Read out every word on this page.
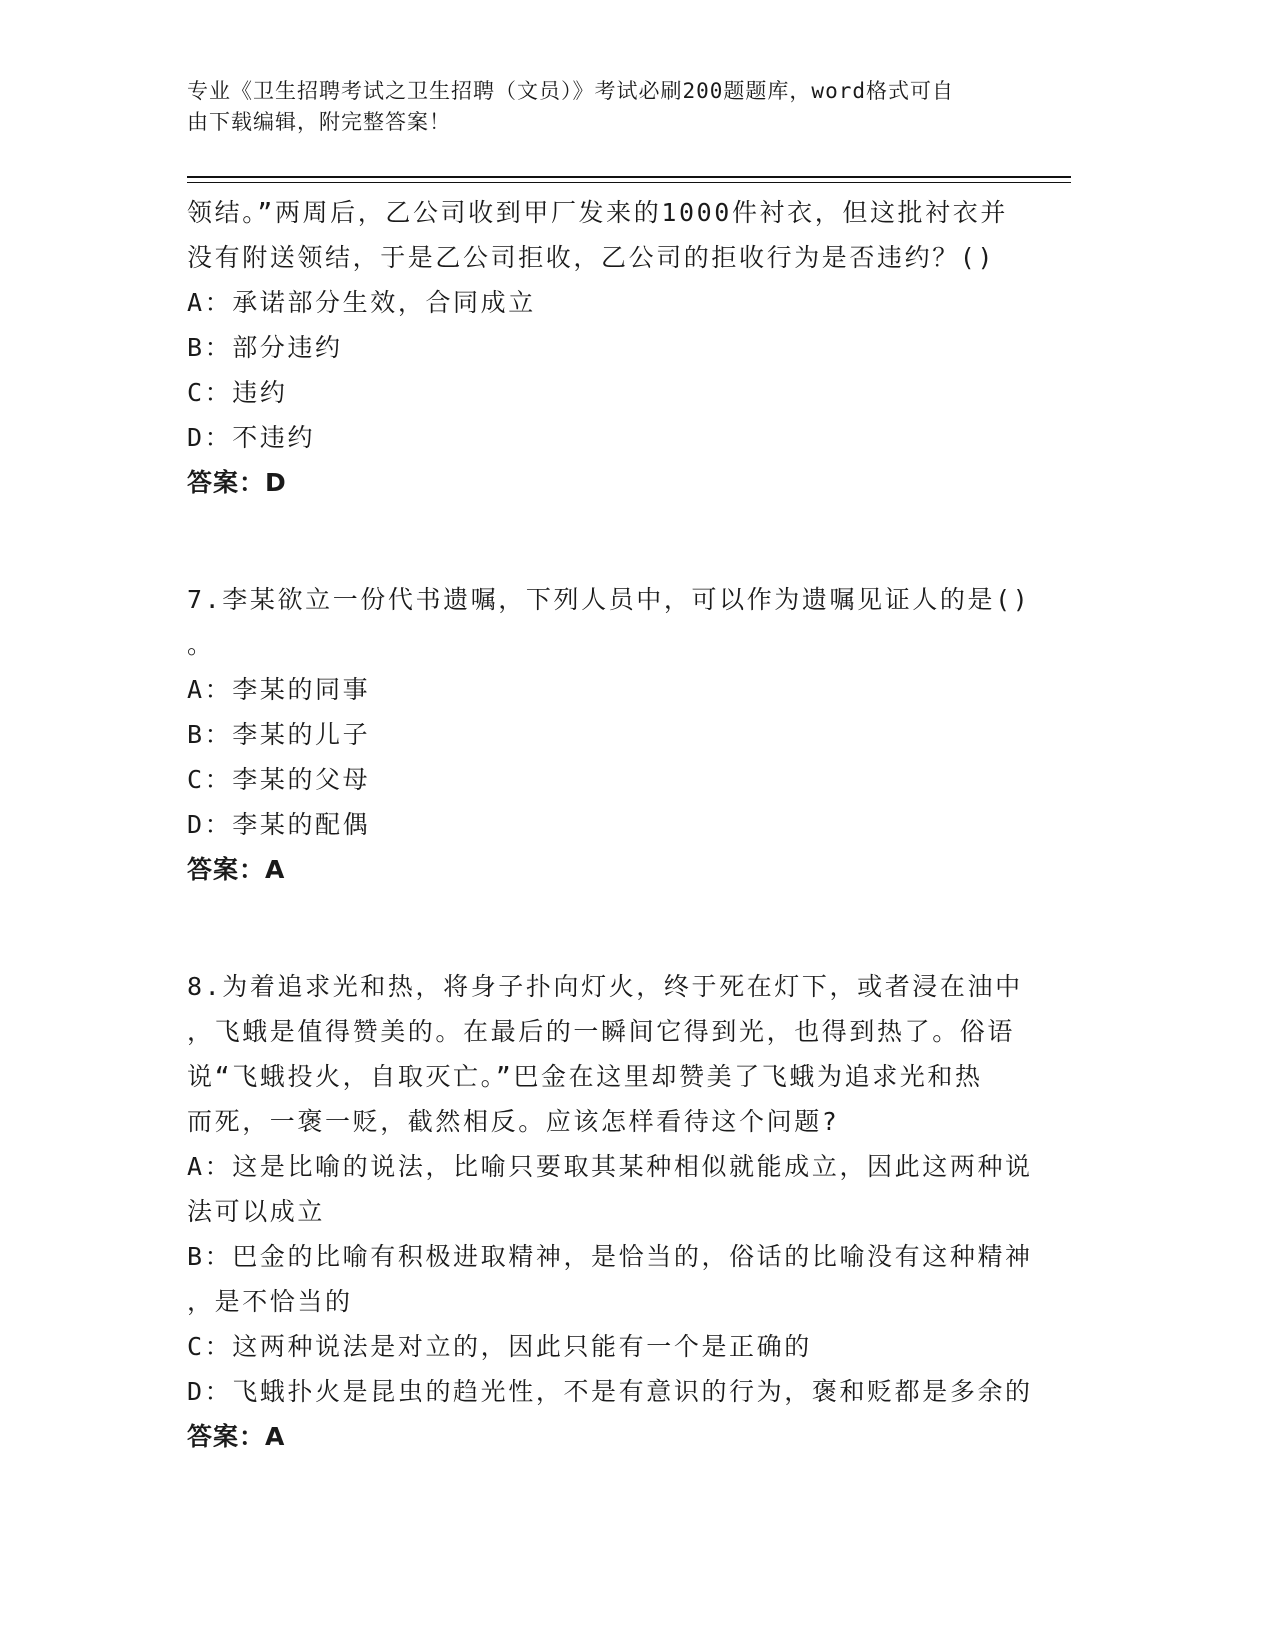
专业《卫生招聘考试之卫生招聘（文员）》考试必刷200题题库，word格式可自
由下载编辑，附完整答案！
领结。”两周后，乙公司收到甲厂发来的1000件衬衣，但这批衬衣并
没有附送领结，于是乙公司拒收，乙公司的拒收行为是否违约？()
A：承诺部分生效，合同成立
B：部分违约
C：违约
D：不违约
答案：D
7.李某欲立一份代书遗嘱，下列人员中，可以作为遗嘱见证人的是()
。
A：李某的同事
B：李某的儿子
C：李某的父母
D：李某的配偶
答案：A
8.为着追求光和热，将身子扑向灯火，终于死在灯下，或者浸在油中
，飞蛾是值得赞美的。在最后的一瞬间它得到光，也得到热了。俗语
说“飞蛾投火，自取灭亡。”巴金在这里却赞美了飞蛾为追求光和热
而死，一褒一贬，截然相反。应该怎样看待这个问题?
A：这是比喻的说法，比喻只要取其某种相似就能成立，因此这两种说
法可以成立
B：巴金的比喻有积极进取精神，是恰当的，俗话的比喻没有这种精神
，是不恰当的
C：这两种说法是对立的，因此只能有一个是正确的
D：飞蛾扑火是昆虫的趋光性，不是有意识的行为，褒和贬都是多余的
答案：A
